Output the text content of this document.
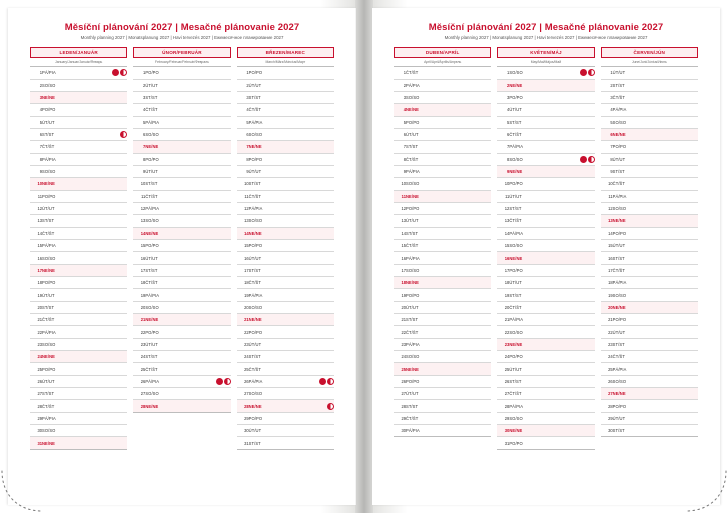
Měsíční plánování 2027 | Mesačné plánovanie 2027
Monthly planning 2027 | Monatsplanung 2027 | Havi tervezés 2027 | Ежемесячное планирование 2027
LEDEN/JANUÁR
January/Januar/Január/Январь
1	PÁ/PIA	
2	SO/SO	
3	NE/NE	
4	PO/PO	
5	ÚT/UT	
6	ST/ST	
7	ČT/ŠT	
8	PÁ/PIA	
9	SO/SO	
10	NE/NE	
11	PO/PO	
12	ÚT/UT	
13	ST/ST	
14	ČT/ŠT	
15	PÁ/PIA	
16	SO/SO	
17	NE/NE	
18	PO/PO	
19	ÚT/UT	
20	ST/ST	
21	ČT/ŠT	
22	PÁ/PIA	
23	SO/SO	
24	NE/NE	
25	PO/PO	
26	ÚT/UT	
27	ST/ST	
28	ČT/ŠT	
29	PÁ/PIA	
30	SO/SO	
31	NE/NE	
ÚNOR/FEBRUÁR
February/Februar/Február/Февраль
1	PO/PO	
2	ÚT/UT	
3	ST/ST	
4	ČT/ŠT	
5	PÁ/PIA	
6	SO/SO	
7	NE/NE	
8	PO/PO	
9	ÚT/UT	
10	ST/ST	
11	ČT/ŠT	
12	PÁ/PIA	
13	SO/SO	
14	NE/NE	
15	PO/PO	
16	ÚT/UT	
17	ST/ST	
18	ČT/ŠT	
19	PÁ/PIA	
20	SO/SO	
21	NE/NE	
22	PO/PO	
23	ÚT/UT	
24	ST/ST	
25	ČT/ŠT	
26	PÁ/PIA	
27	SO/SO	
28	NE/NE	
BŘEZEN/MAREC
March/März/Március/Март
1	PO/PO	
2	ÚT/UT	
3	ST/ST	
4	ČT/ŠT	
5	PÁ/PIA	
6	SO/SO	
7	NE/NE	
8	PO/PO	
9	ÚT/UT	
10	ST/ST	
11	ČT/ŠT	
12	PÁ/PIA	
13	SO/SO	
14	NE/NE	
15	PO/PO	
16	ÚT/UT	
17	ST/ST	
18	ČT/ŠT	
19	PÁ/PIA	
20	SO/SO	
21	NE/NE	
22	PO/PO	
23	ÚT/UT	
24	ST/ST	
25	ČT/ŠT	
26	PÁ/PIA	
27	SO/SO	
28	NE/NE	
29	PO/PO	
30	ÚT/UT	
31	ST/ST	
Měsíční plánování 2027 | Mesačné plánovanie 2027
Monthly planning 2027 | Monatsplanung 2027 | Havi tervezés 2027 | Ежемесячное планирование 2027
DUBEN/APRÍL
April/April/Április/Апрель
1	ČT/ŠT	
2	PÁ/PIA	
3	SO/SO	
4	NE/NE	
5	PO/PO	
6	ÚT/UT	
7	ST/ST	
8	ČT/ŠT	
9	PÁ/PIA	
10	SO/SO	
11	NE/NE	
12	PO/PO	
13	ÚT/UT	
14	ST/ST	
15	ČT/ŠT	
16	PÁ/PIA	
17	SO/SO	
18	NE/NE	
19	PO/PO	
20	ÚT/UT	
21	ST/ST	
22	ČT/ŠT	
23	PÁ/PIA	
24	SO/SO	
25	NE/NE	
26	PO/PO	
27	ÚT/UT	
28	ST/ST	
29	ČT/ŠT	
30	PÁ/PIA	
KVĚTEN/MÁJ
May/Mai/Május/Май
1	SO/SO	
2	NE/NE	
3	PO/PO	
4	ÚT/UT	
5	ST/ST	
6	ČT/ŠT	
7	PÁ/PIA	
8	SO/SO	
9	NE/NE	
10	PO/PO	
11	ÚT/UT	
12	ST/ST	
13	ČT/ŠT	
14	PÁ/PIA	
15	SO/SO	
16	NE/NE	
17	PO/PO	
18	ÚT/UT	
19	ST/ST	
20	ČT/ŠT	
21	PÁ/PIA	
22	SO/SO	
23	NE/NE	
24	PO/PO	
25	ÚT/UT	
26	ST/ST	
27	ČT/ŠT	
28	PÁ/PIA	
29	SO/SO	
30	NE/NE	
31	PO/PO	
ČERVEN/JÚN
June/Juni/Június/Июнь
1	ÚT/UT	
2	ST/ST	
3	ČT/ŠT	
4	PÁ/PIA	
5	SO/SO	
6	NE/NE	
7	PO/PO	
8	ÚT/UT	
9	ST/ST	
10	ČT/ŠT	
11	PÁ/PIA	
12	SO/SO	
13	NE/NE	
14	PO/PO	
15	ÚT/UT	
16	ST/ST	
17	ČT/ŠT	
18	PÁ/PIA	
19	SO/SO	
20	NE/NE	
21	PO/PO	
22	ÚT/UT	
23	ST/ST	
24	ČT/ŠT	
25	PÁ/PIA	
26	SO/SO	
27	NE/NE	
28	PO/PO	
29	ÚT/UT	
30	ST/ST	
